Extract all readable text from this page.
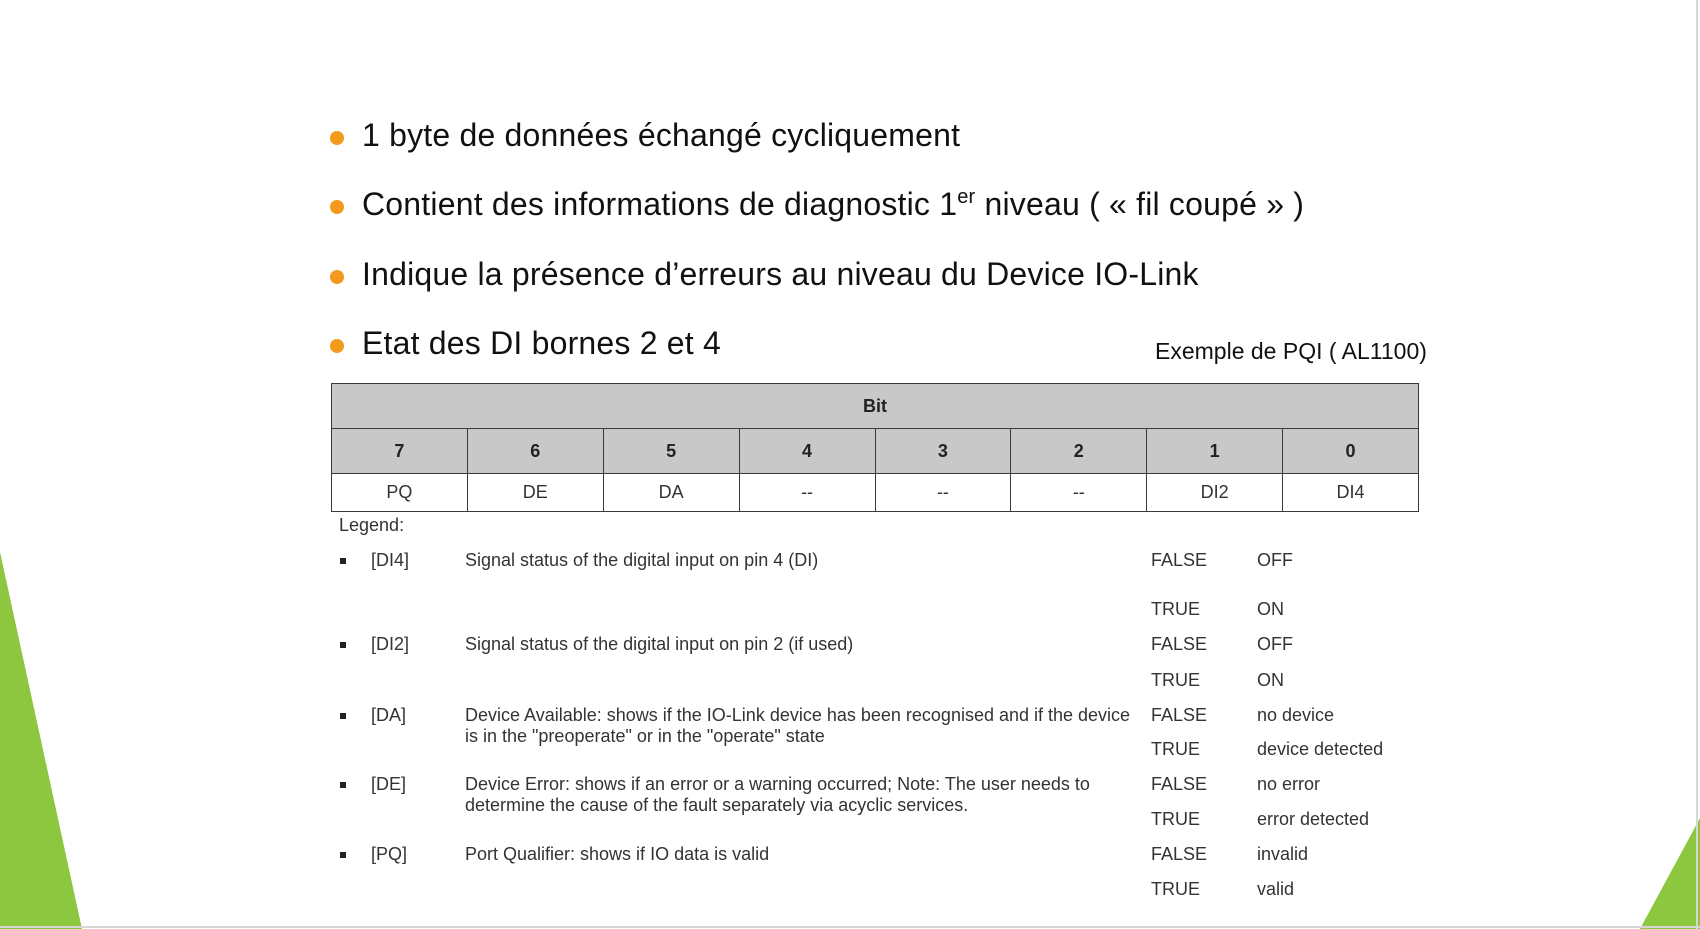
1 byte de données échangé cycliquement
Contient des informations de diagnostic 1er niveau ( « fil coupé » )
Indique la présence d’erreurs au niveau du Device IO-Link
Etat des DI bornes 2 et 4	Exemple de PQI ( AL1100)
Bit							
7	6	5	4	3	2	1	0
PQ	DE	DA	--	--	--	DI2	DI4
Legend:
[DI4]	Signal status of the digital input on pin 4 (DI)	FALSE	OFF
TRUE	ON
[DI2]	Signal status of the digital input on pin 2 (if used)	FALSE	OFF
TRUE	ON
[DA]	Device Available: shows if the IO-Link device has been recognised and if the device is in the "preoperate" or in the "operate" state
FALSE	no device
TRUE	device detected
[DE]	Device Error: shows if an error or a warning occurred; Note: The user needs to determine the cause of the fault separately via acyclic services.
FALSE	no error
TRUE	error detected
[PQ]	Port Qualifier: shows if IO data is valid	FALSE	invalid
TRUE	valid
